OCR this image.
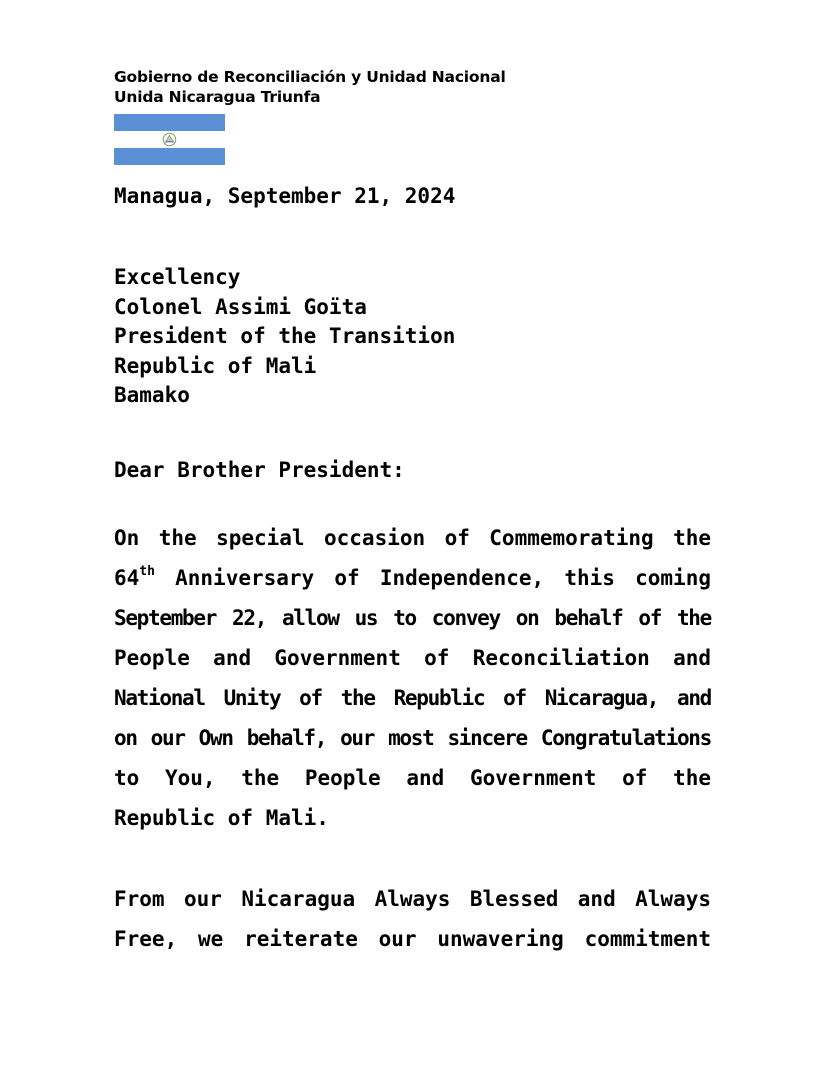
Gobierno de Reconciliación y Unidad Nacional
Unida Nicaragua Triunfa
Managua, September 21, 2024
Excellency
Colonel Assimi Goïta
President of the Transition
Republic of Mali
Bamako
Dear Brother President:
On the special occasion of Commemorating the
64th Anniversary of Independence, this coming
September 22, allow us to convey on behalf of the
People and Government of Reconciliation and
National Unity of the Republic of Nicaragua, and
on our Own behalf, our most sincere Congratulations
to You, the People and Government of the
Republic of Mali.
From our Nicaragua Always Blessed and Always
Free, we reiterate our unwavering commitment
